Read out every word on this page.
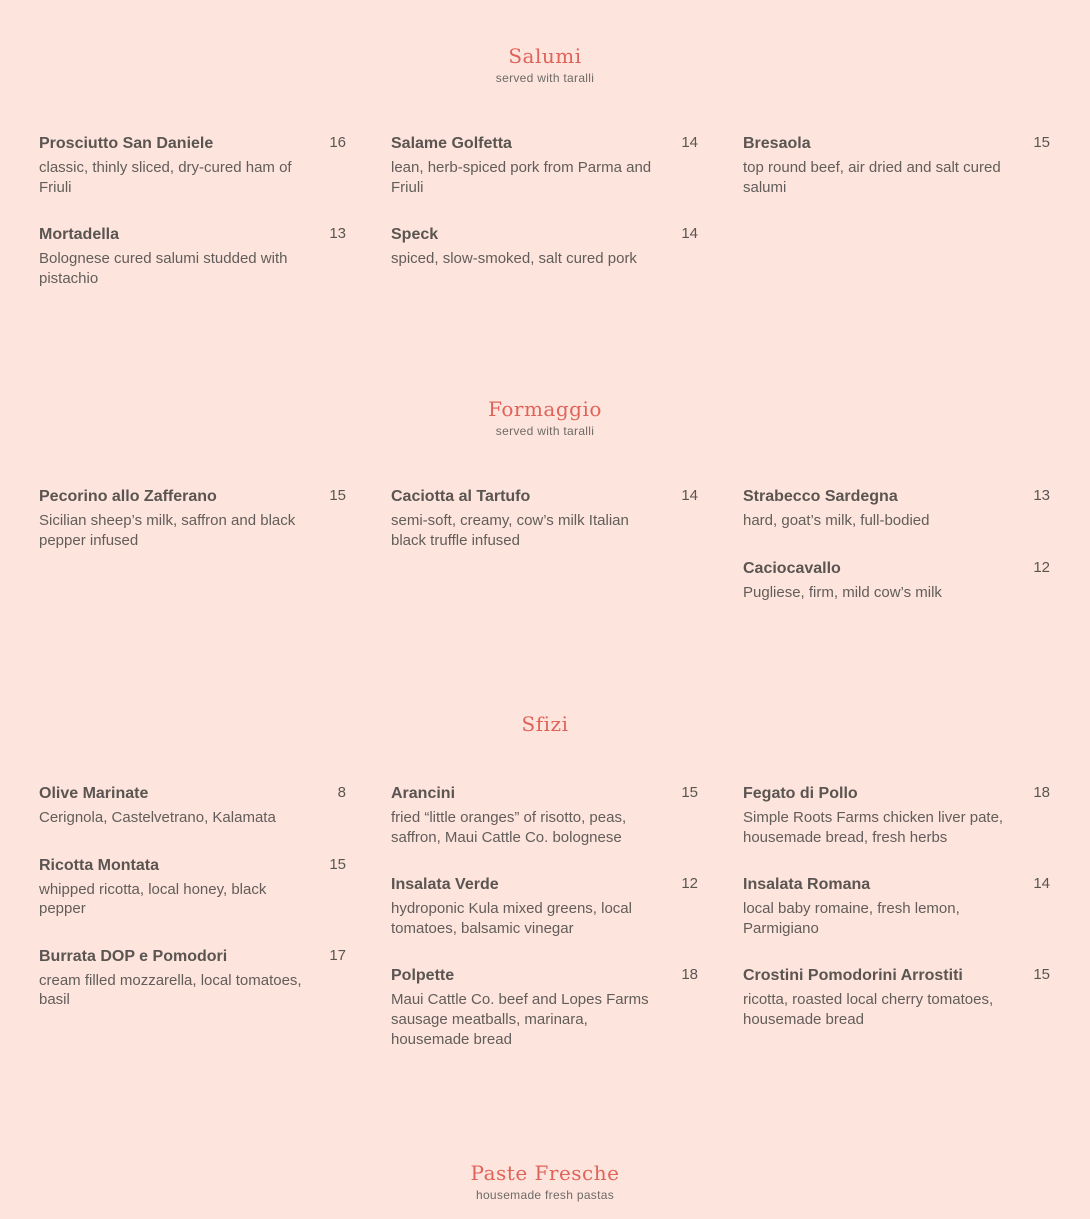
Salumi
served with taralli
Prosciutto San Daniele	16
classic, thinly sliced, dry-cured ham of Friuli
Mortadella	13
Bolognese cured salumi studded with pistachio
Salame Golfetta	14
lean, herb-spiced pork from Parma and Friuli
Speck	14
spiced, slow-smoked, salt cured pork
Bresaola	15
top round beef, air dried and salt cured salumi
Formaggio
served with taralli
Pecorino allo Zafferano	15
Sicilian sheep’s milk, saffron and black pepper infused
Caciotta al Tartufo	14
semi-soft, creamy, cow’s milk Italian black truffle infused
Strabecco Sardegna	13
hard, goat’s milk, full-bodied
Caciocavallo	12
Pugliese, firm, mild cow’s milk
Sfizi
Olive Marinate	8
Cerignola, Castelvetrano, Kalamata
Ricotta Montata	15
whipped ricotta, local honey, black pepper
Burrata DOP e Pomodori	17
cream filled mozzarella, local tomatoes, basil
Arancini	15
fried “little oranges” of risotto, peas, saffron, Maui Cattle Co. bolognese
Insalata Verde	12
hydroponic Kula mixed greens, local tomatoes, balsamic vinegar
Polpette	18
Maui Cattle Co. beef and Lopes Farms sausage meatballs, marinara, housemade bread
Fegato di Pollo	18
Simple Roots Farms chicken liver pate, housemade bread, fresh herbs
Insalata Romana	14
local baby romaine, fresh lemon, Parmigiano
Crostini Pomodorini Arrostiti	15
ricotta, roasted local cherry tomatoes, housemade bread
Paste Fresche
housemade fresh pastas
